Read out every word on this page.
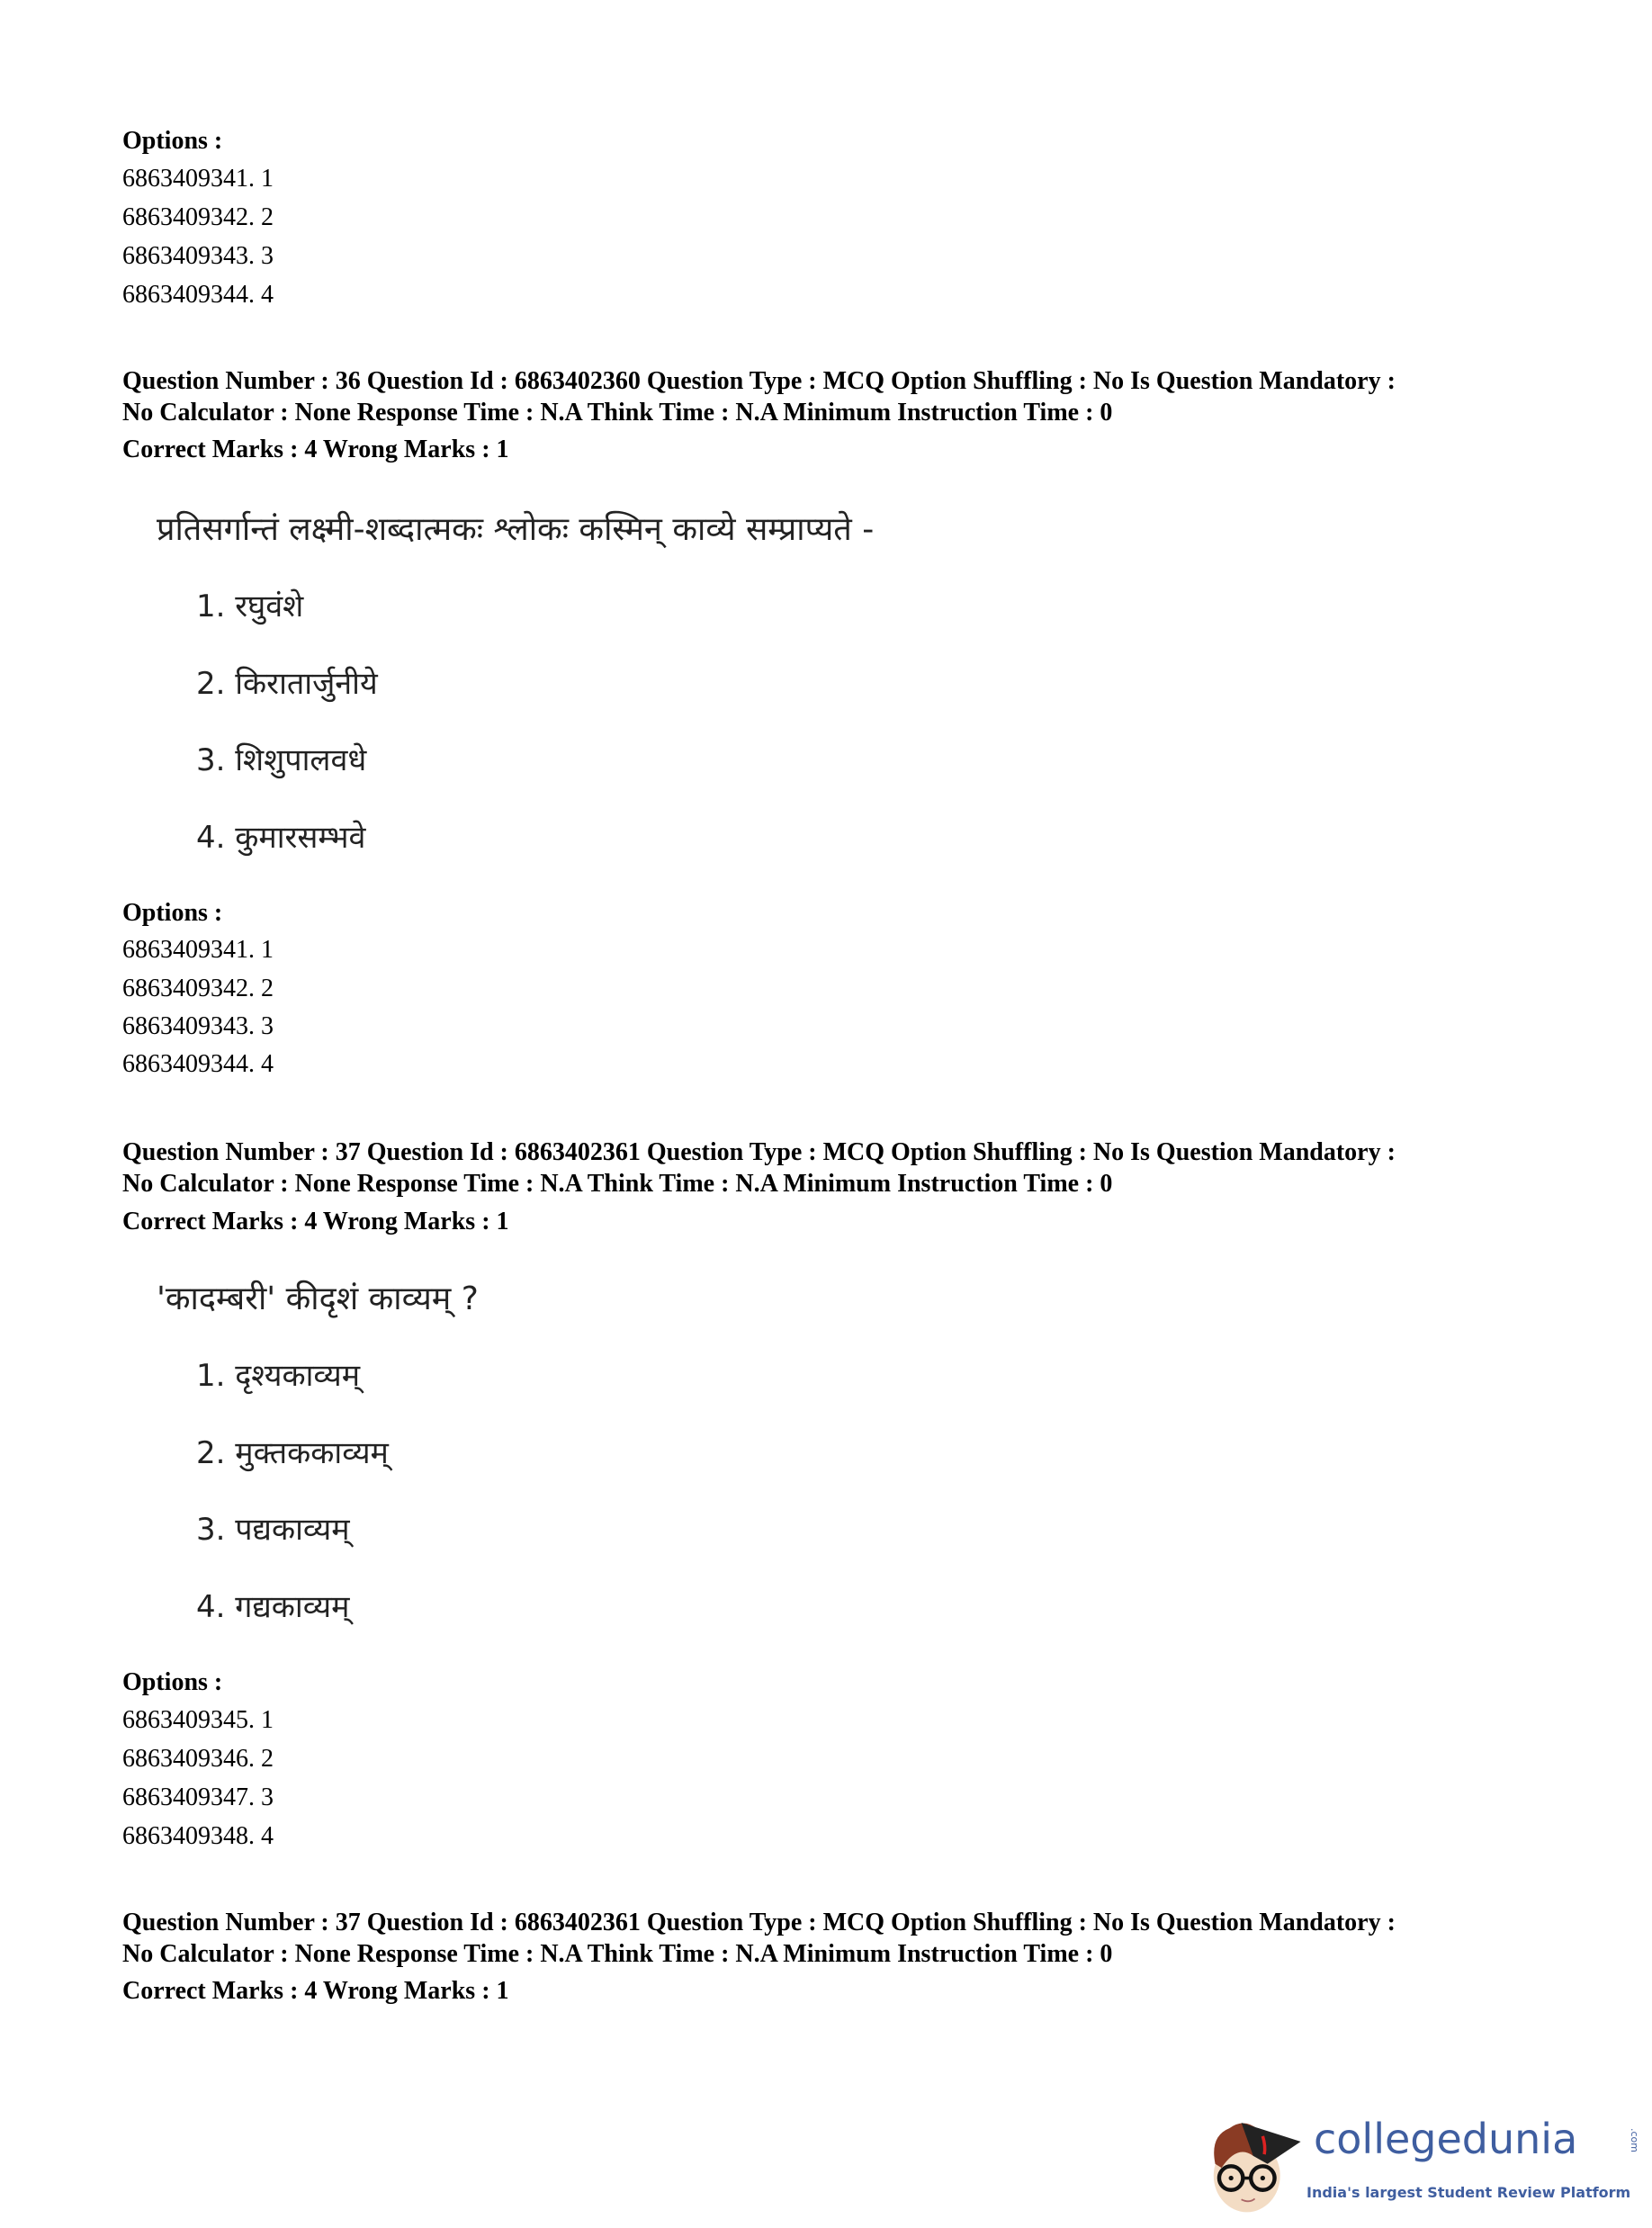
Options :
6863409341. 1
6863409342. 2
6863409343. 3
6863409344. 4
Question Number : 36 Question Id : 6863402360 Question Type : MCQ Option Shuffling : No Is Question Mandatory :
No Calculator : None Response Time : N.A Think Time : N.A Minimum Instruction Time : 0
Correct Marks : 4 Wrong Marks : 1
प्रतिसर्गान्तं लक्ष्मी-शब्दात्मकः श्लोकः कस्मिन् काव्ये सम्प्राप्यते -
1. रघुवंशे
2. किरातार्जुनीये
3. शिशुपालवधे
4. कुमारसम्भवे
Options :
6863409341. 1
6863409342. 2
6863409343. 3
6863409344. 4
Question Number : 37 Question Id : 6863402361 Question Type : MCQ Option Shuffling : No Is Question Mandatory :
No Calculator : None Response Time : N.A Think Time : N.A Minimum Instruction Time : 0
Correct Marks : 4 Wrong Marks : 1
'कादम्बरी' कीदृशं काव्यम् ?
1. दृश्यकाव्यम्
2. मुक्तककाव्यम्
3. पद्यकाव्यम्
4. गद्यकाव्यम्
Options :
6863409345. 1
6863409346. 2
6863409347. 3
6863409348. 4
Question Number : 37 Question Id : 6863402361 Question Type : MCQ Option Shuffling : No Is Question Mandatory :
No Calculator : None Response Time : N.A Think Time : N.A Minimum Instruction Time : 0
Correct Marks : 4 Wrong Marks : 1
collegedunia	.com
India's largest Student Review Platform
